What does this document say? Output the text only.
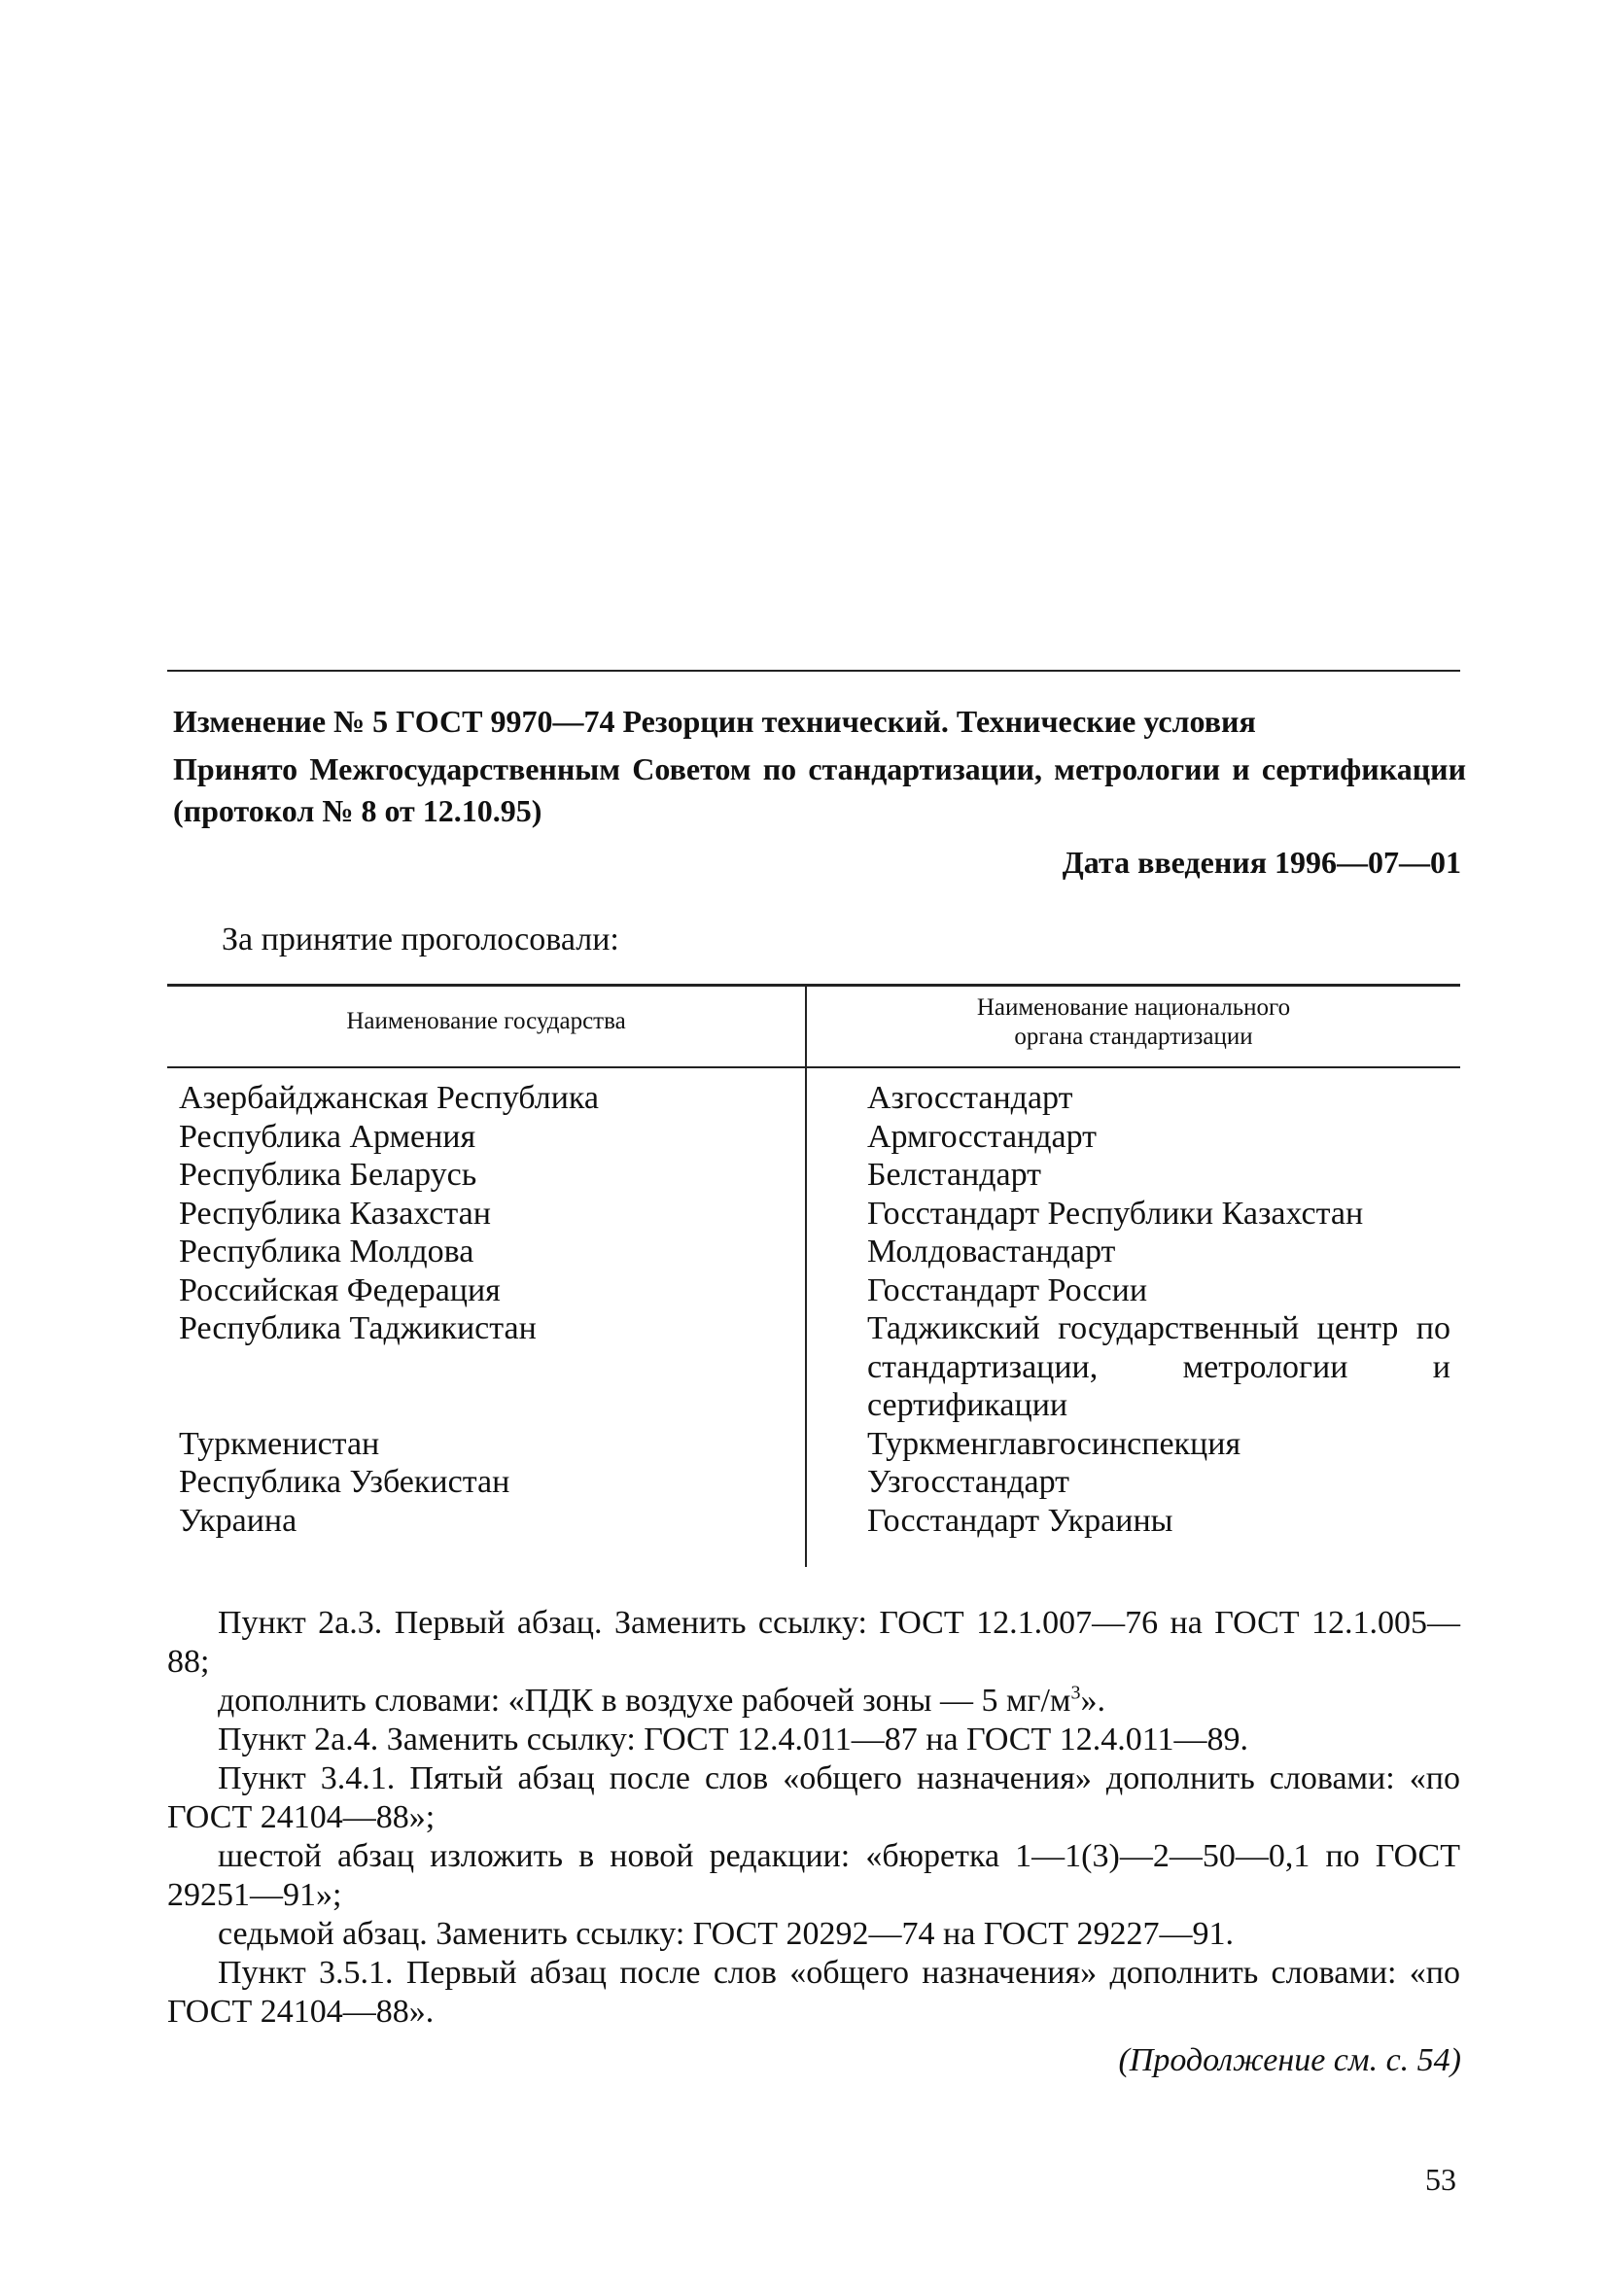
Изменение № 5 ГОСТ 9970—74 Резорцин технический. Технические условия
Принято Межгосударственным Советом по стандартизации, метрологии и сертификации (протокол № 8 от 12.10.95)
Дата введения 1996—07—01
За принятие проголосовали:
Наименование государства
Наименование национального
органа стандартизации
Азербайджанская Республика
Республика Армения
Республика Беларусь
Республика Казахстан
Республика Молдова
Российская Федерация
Республика Таджикистан
Туркменистан
Республика Узбекистан
Украина
Азгосстандарт
Армгосстандарт
Белстандарт
Госстандарт Республики Казахстан
Молдовастандарт
Госстандарт России
Таджикский государственный центр по стандартизации, метрологии и сертификации
Туркменглавгосинспекция
Узгосстандарт
Госстандарт Украины

Пункт 2а.3. Первый абзац. Заменить ссылку: ГОСТ 12.1.007—76 на ГОСТ 12.1.005—88;

дополнить словами: «ПДК в воздухе рабочей зоны — 5 $мг/м^3$».

Пункт 2а.4. Заменить ссылку: ГОСТ 12.4.011—87 на ГОСТ 12.4.011—89.

Пункт 3.4.1. Пятый абзац после слов «общего назначения» дополнить словами: «по ГОСТ 24104—88»;

шестой абзац изложить в новой редакции: «бюретка 1—1(3)—2—50—0,1 по ГОСТ 29251—91»;

седьмой абзац. Заменить ссылку: ГОСТ 20292—74 на ГОСТ 29227—91.

Пункт 3.5.1. Первый абзац после слов «общего назначения» дополнить словами: «по ГОСТ 24104—88».

(Продолжение см. с. 54)
53
